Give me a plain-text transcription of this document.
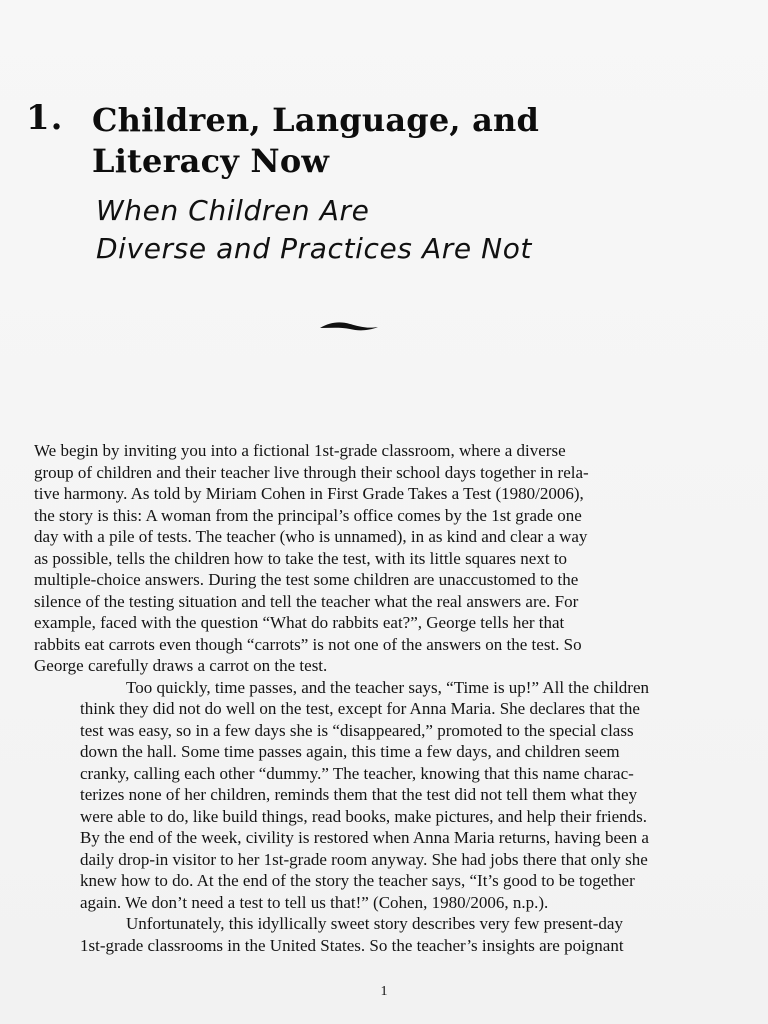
1. Children, Language, and
Literacy Now
When Children Are
Diverse and Practices Are Not

We begin by inviting you into a fictional 1st-grade classroom, where a diverse
group of children and their teacher live through their school days together in rela-
tive harmony. As told by Miriam Cohen in First Grade Takes a Test (1980/2006),
the story is this: A woman from the principal’s office comes by the 1st grade one
day with a pile of tests. The teacher (who is unnamed), in as kind and clear a way
as possible, tells the children how to take the test, with its little squares next to
multiple-choice answers. During the test some children are unaccustomed to the
silence of the testing situation and tell the teacher what the real answers are. For
example, faced with the question “What do rabbits eat?”, George tells her that
rabbits eat carrots even though “carrots” is not one of the answers on the test. So
George carefully draws a carrot on the test.

Too quickly, time passes, and the teacher says, “Time is up!” All the children
think they did not do well on the test, except for Anna Maria. She declares that the
test was easy, so in a few days she is “disappeared,” promoted to the special class
down the hall. Some time passes again, this time a few days, and children seem
cranky, calling each other “dummy.” The teacher, knowing that this name charac-
terizes none of her children, reminds them that the test did not tell them what they
were able to do, like build things, read books, make pictures, and help their friends.
By the end of the week, civility is restored when Anna Maria returns, having been a
daily drop-in visitor to her 1st-grade room anyway. She had jobs there that only she
knew how to do. At the end of the story the teacher says, “It’s good to be together
again. We don’t need a test to tell us that!” (Cohen, 1980/2006, n.p.).

Unfortunately, this idyllically sweet story describes very few present-day
1st-grade classrooms in the United States. So the teacher’s insights are poignant

1
